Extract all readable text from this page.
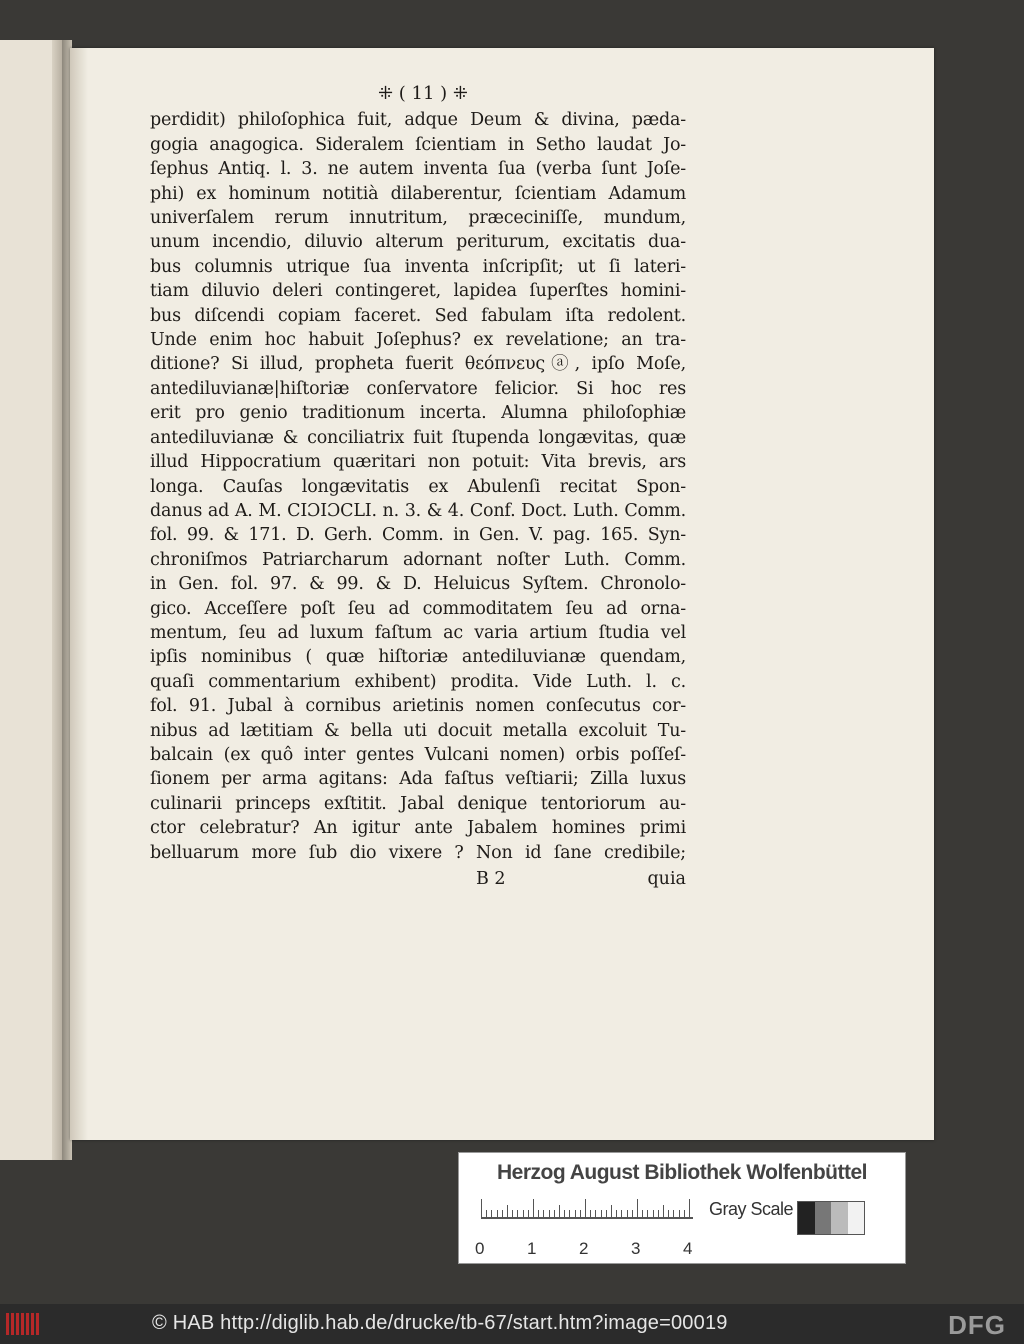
⁜ ( 11 ) ⁜
perdidit) philoſophica fuit, adque Deum & divina, pæda-
gogia anagogica. Sideralem ſcientiam in Setho laudat Jo-
ſephus Antiq. l. 3. ne autem inventa ſua (verba ſunt Joſe-
phi) ex hominum notitià dilaberentur, ſcientiam Adamum
univerſalem rerum innutritum, præceciniſſe, mundum,
unum incendio, diluvio alterum periturum, excitatis dua-
bus columnis utrique ſua inventa inſcripſit; ut ſi lateri-
tiam diluvio deleri contingeret, lapidea ſuperſtes homini-
bus diſcendi copiam faceret. Sed fabulam iſta redolent.
Unde enim hoc habuit Joſephus? ex revelatione; an tra-
ditione? Si illud, propheta fuerit θεόπνευςⓐ, ipſo Moſe,
antediluvianæ|hiſtoriæ conſervatore felicior. Si hoc res
erit pro genio traditionum incerta. Alumna philoſophiæ
antediluvianæ & conciliatrix fuit ſtupenda longævitas, quæ
illud Hippocratium quæritari non potuit: Vita brevis, ars
longa. Cauſas longævitatis ex Abulenſi recitat Spon-
danus ad A. M. CIƆIƆCLI. n. 3. & 4. Conf. Doct. Luth. Comm.
fol. 99. & 171. D. Gerh. Comm. in Gen. V. pag. 165. Syn-
chroniſmos Patriarcharum adornant noſter Luth. Comm.
in Gen. fol. 97. & 99. & D. Heluicus Syſtem. Chronolo-
gico. Acceſſere poſt ſeu ad commoditatem ſeu ad orna-
mentum, ſeu ad luxum faſtum ac varia artium ſtudia vel
ipſis nominibus ( quæ hiſtoriæ antediluvianæ quendam,
quaſi commentarium exhibent) prodita. Vide Luth. l. c.
fol. 91. Jubal à cornibus arietinis nomen conſecutus cor-
nibus ad lætitiam & bella uti docuit metalla excoluit Tu-
balcain (ex quô inter gentes Vulcani nomen) orbis poſſeſ-
ſionem per arma agitans: Ada faſtus veſtiarii; Zilla luxus
culinarii princeps exſtitit. Jabal denique tentoriorum au-
ctor celebratur? An igitur ante Jabalem homines primi
belluarum more ſub dio vixere ? Non id ſane credibile;
B 2	quia
Herzog August Bibliothek Wolfenbüttel
0	1	2	3	4
Gray Scale
© HAB http://diglib.hab.de/drucke/tb-67/start.htm?image=00019	DFG
